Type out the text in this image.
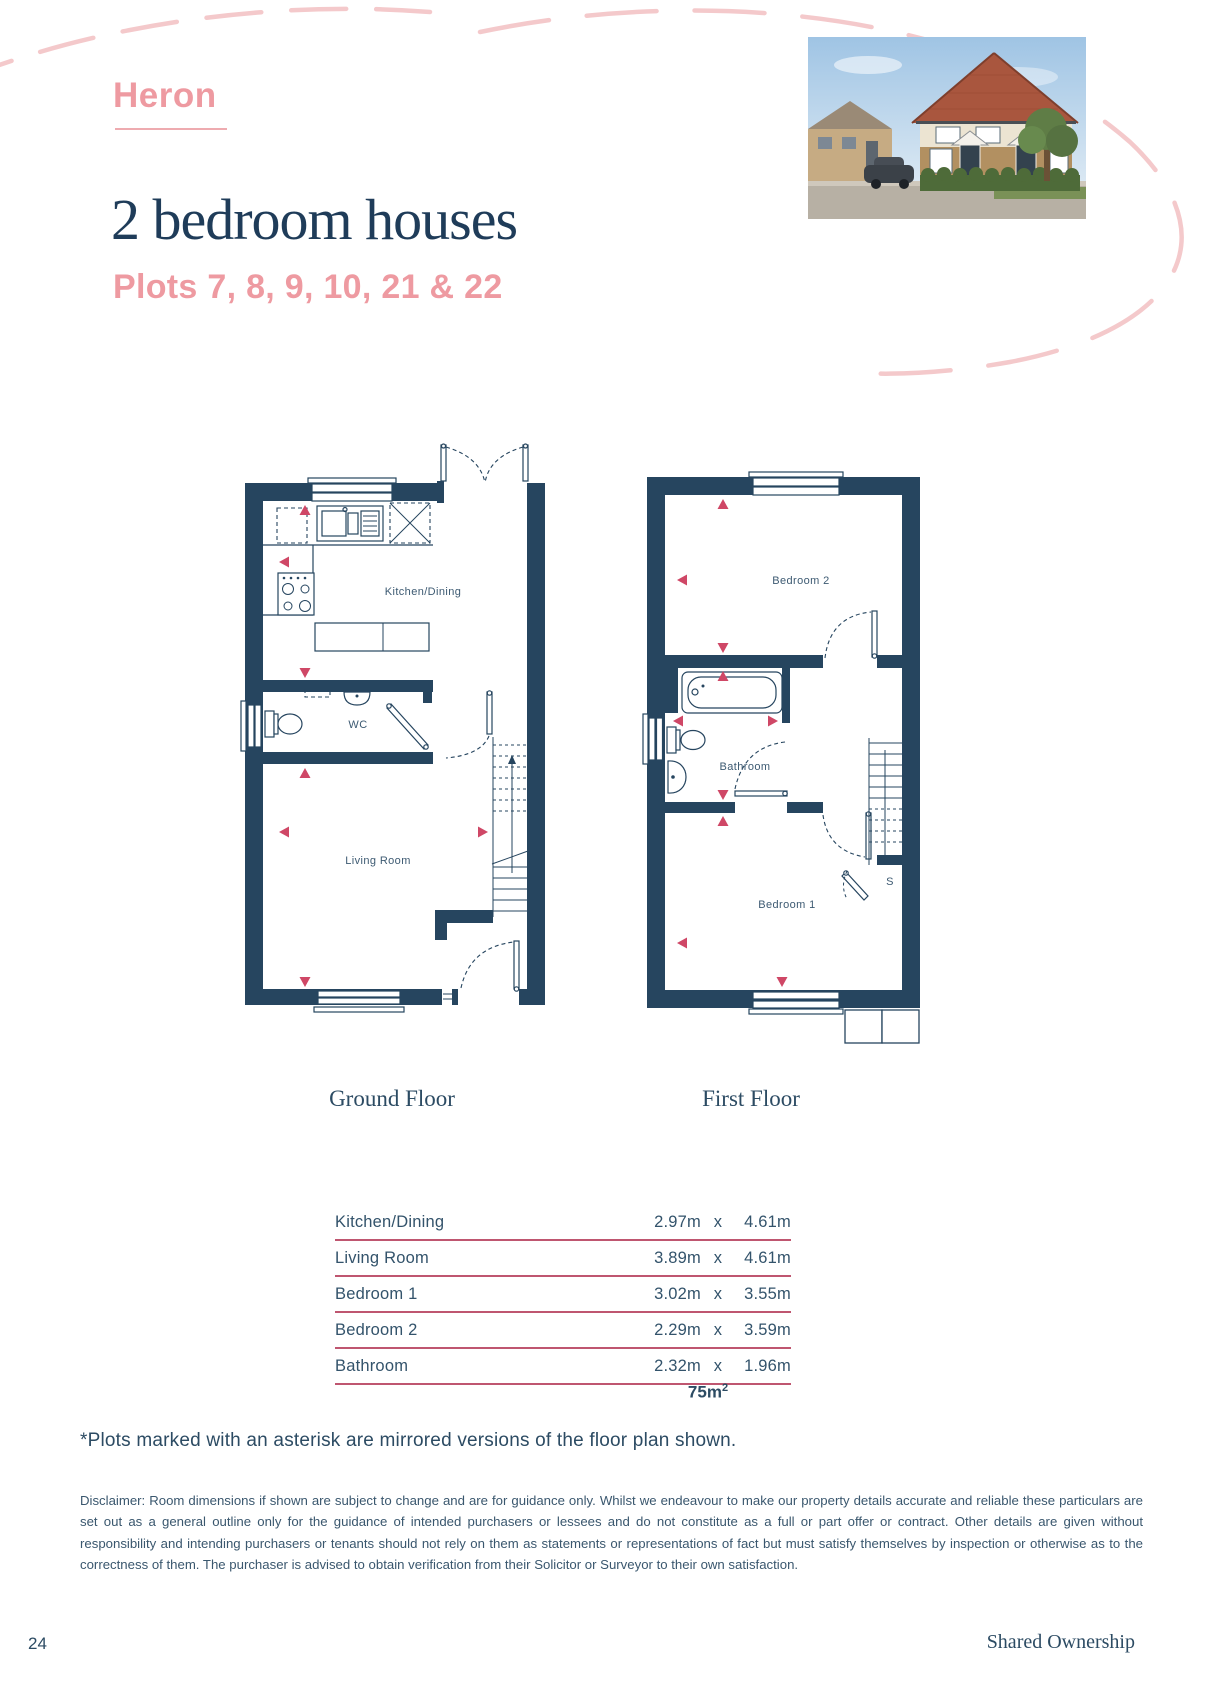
Heron
2 bedroom houses
Plots 7, 8, 9, 10, 21 & 22
Kitchen/Dining
WC
Living Room
Bedroom 2
Bathroom
Bedroom 1
S
Ground Floor	First Floor
Kitchen/Dining	2.97m x	4.61m
Living Room	3.89m x	4.61m
Bedroom 1	3.02m x	3.55m
Bedroom 2	2.29m x	3.59m
Bathroom	2.32m x	1.96m
$75m^2$
*Plots marked with an asterisk are mirrored versions of the floor plan shown.
Disclaimer: Room dimensions if shown are subject to change and are for guidance only. Whilst we endeavour to make our property details accurate and reliable these particulars are set out as a general outline only for the guidance of intended purchasers or lessees and do not constitute as a full or part offer or contract. Other details are given without responsibility and intending purchasers or tenants should not rely on them as statements or representations of fact but must satisfy themselves by inspection or otherwise as to the correctness of them. The purchaser is advised to obtain verification from their Solicitor or Surveyor to their own satisfaction.
24	Shared Ownership
